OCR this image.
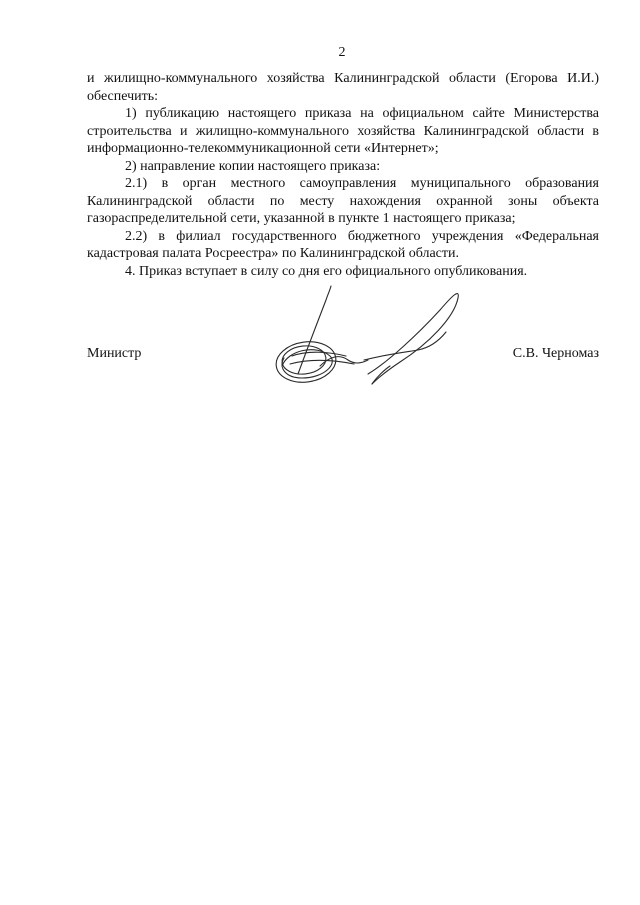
2

и жилищно-коммунального хозяйства Калининградской области (Егорова И.И.) обеспечить:

1) публикацию настоящего приказа на официальном сайте Министерства строительства и жилищно-коммунального хозяйства Калининградской области в информационно-телекоммуникационной сети «Интернет»;

2) направление копии настоящего приказа:

2.1) в орган местного самоуправления муниципального образования Калининградской области по месту нахождения охранной зоны объекта газораспределительной сети, указанной в пункте 1 настоящего приказа;

2.2) в филиал государственного бюджетного учреждения «Федеральная кадастровая палата Росреестра» по Калининградской области.

4. Приказ вступает в силу со дня его официального опубликования.

Министр	С.В. Черномаз
